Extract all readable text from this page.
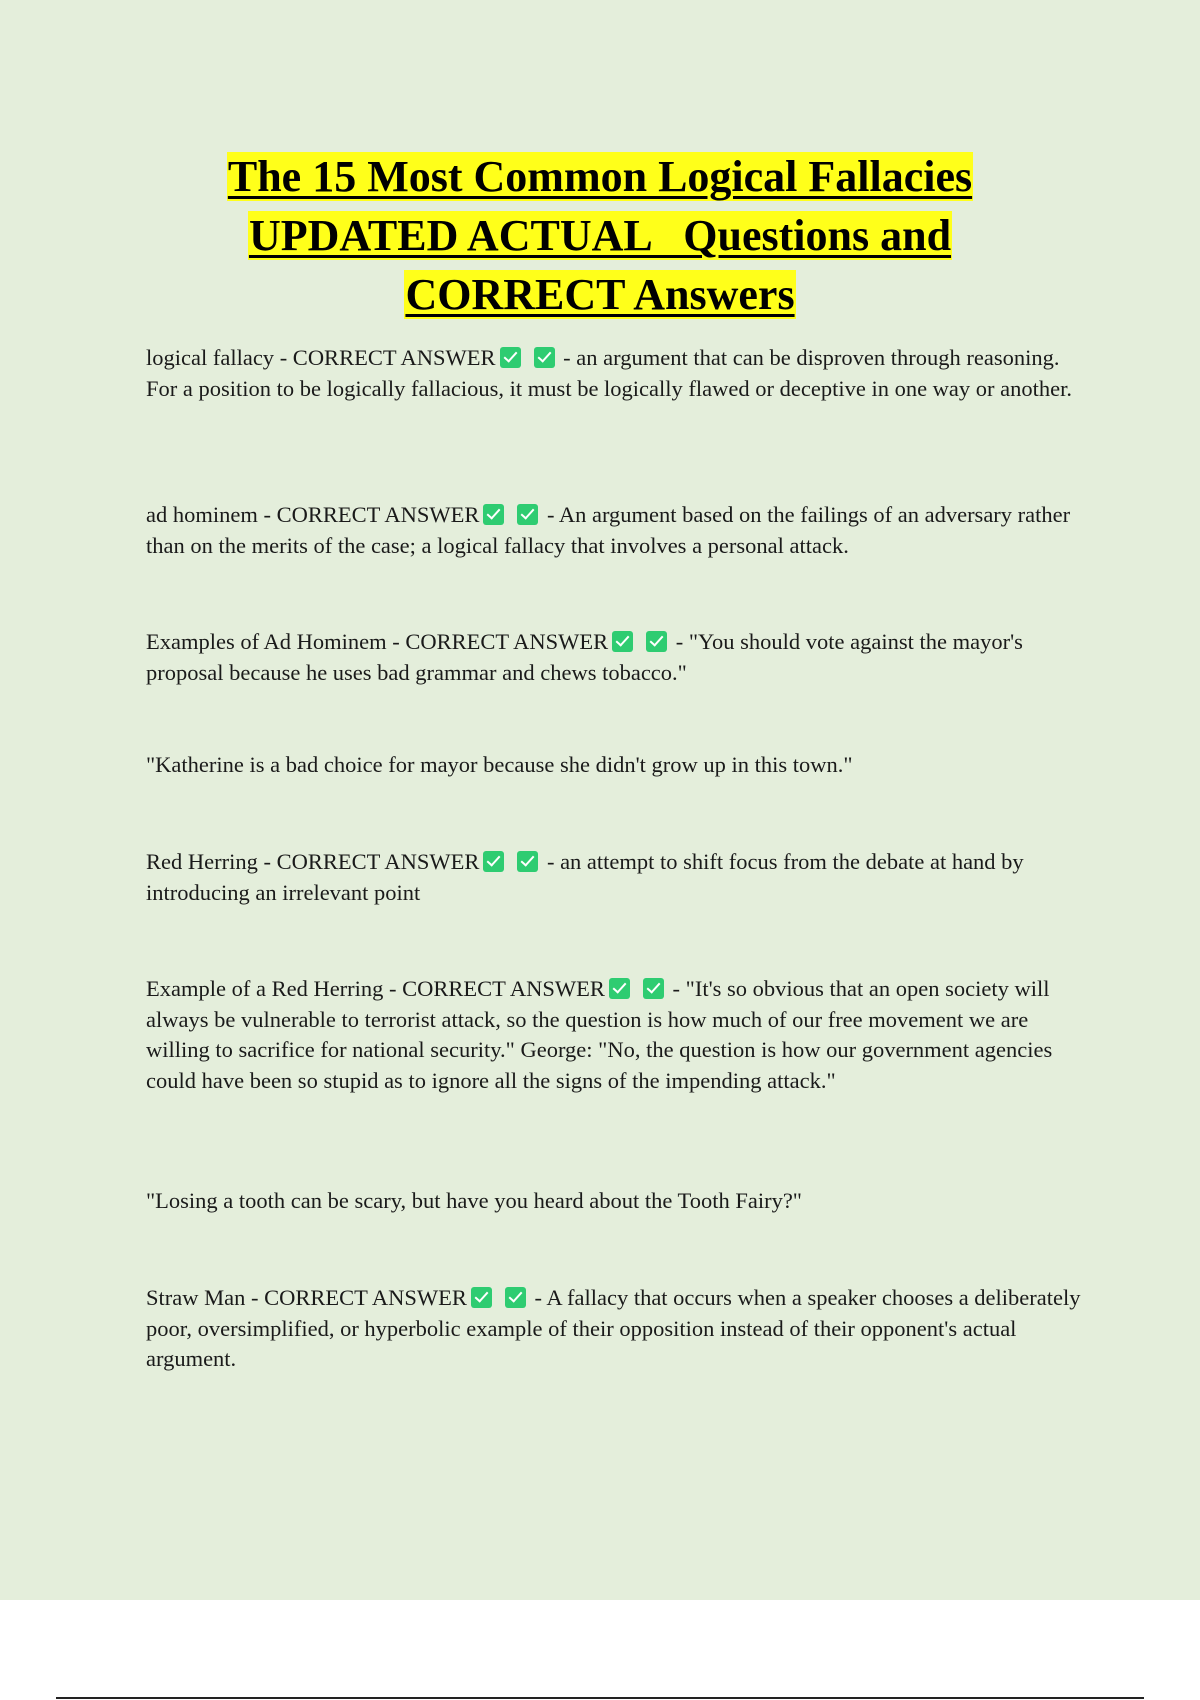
The 15 Most Common Logical Fallacies
UPDATED ACTUAL   Questions and
CORRECT Answers

logical fallacy - CORRECT ANSWER	- an argument that can be disproven through reasoning. For a position to be logically fallacious, it must be logically flawed or deceptive in one way or another.

ad hominem - CORRECT ANSWER	- An argument based on the failings of an adversary rather than on the merits of the case; a logical fallacy that involves a personal attack.

Examples of Ad Hominem - CORRECT ANSWER	- "You should vote against the mayor's proposal because he uses bad grammar and chews tobacco."

"Katherine is a bad choice for mayor because she didn't grow up in this town."

Red Herring - CORRECT ANSWER	- an attempt to shift focus from the debate at hand by introducing an irrelevant point

Example of a Red Herring - CORRECT ANSWER	- "It's so obvious that an open society will always be vulnerable to terrorist attack, so the question is how much of our free movement we are willing to sacrifice for national security." George: "No, the question is how our government agencies could have been so stupid as to ignore all the signs of the impending attack."

"Losing a tooth can be scary, but have you heard about the Tooth Fairy?"

Straw Man - CORRECT ANSWER	- A fallacy that occurs when a speaker chooses a deliberately poor, oversimplified, or hyperbolic example of their opposition instead of their opponent's actual argument.
